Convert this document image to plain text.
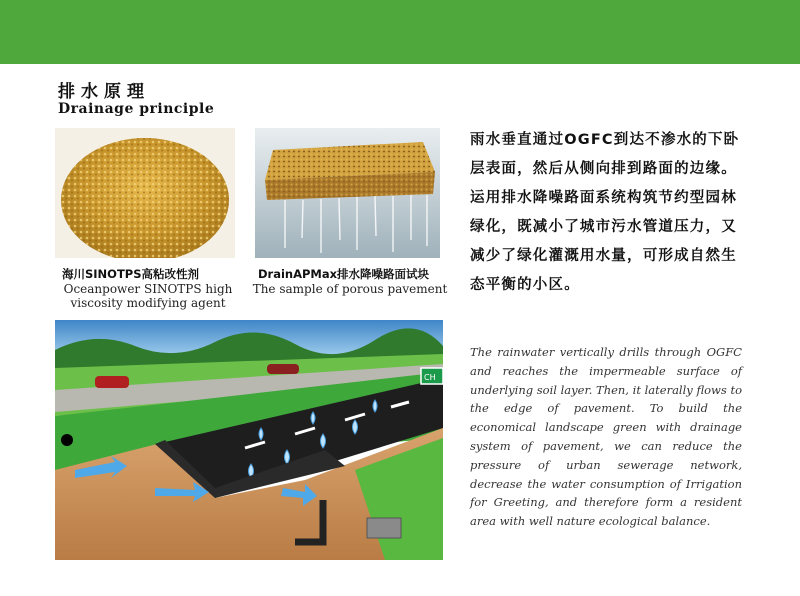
排水原理
Drainage principle
海川SINOTPS高粘改性剂
Oceanpower SINOTPS high viscosity modifying agent
DrainAPMax排水降噪路面试块
The sample of porous pavement
雨水垂直通过OGFC到达不渗水的下卧层表面，然后从侧向排到路面的边缘。运用排水降噪路面系统构筑节约型园林绿化，既减小了城市污水管道压力，又减少了绿化灌溉用水量，可形成自然生态平衡的小区。
The rainwater vertically drills through OGFC and reaches the impermeable surface of underlying soil layer. Then, it laterally flows to the edge of pavement. To build the economical landscape green with drainage system of pavement, we can reduce the pressure of urban sewerage network, decrease the water consumption of Irrigation for Greeting, and therefore form a resident area with well nature ecological balance.
CH
